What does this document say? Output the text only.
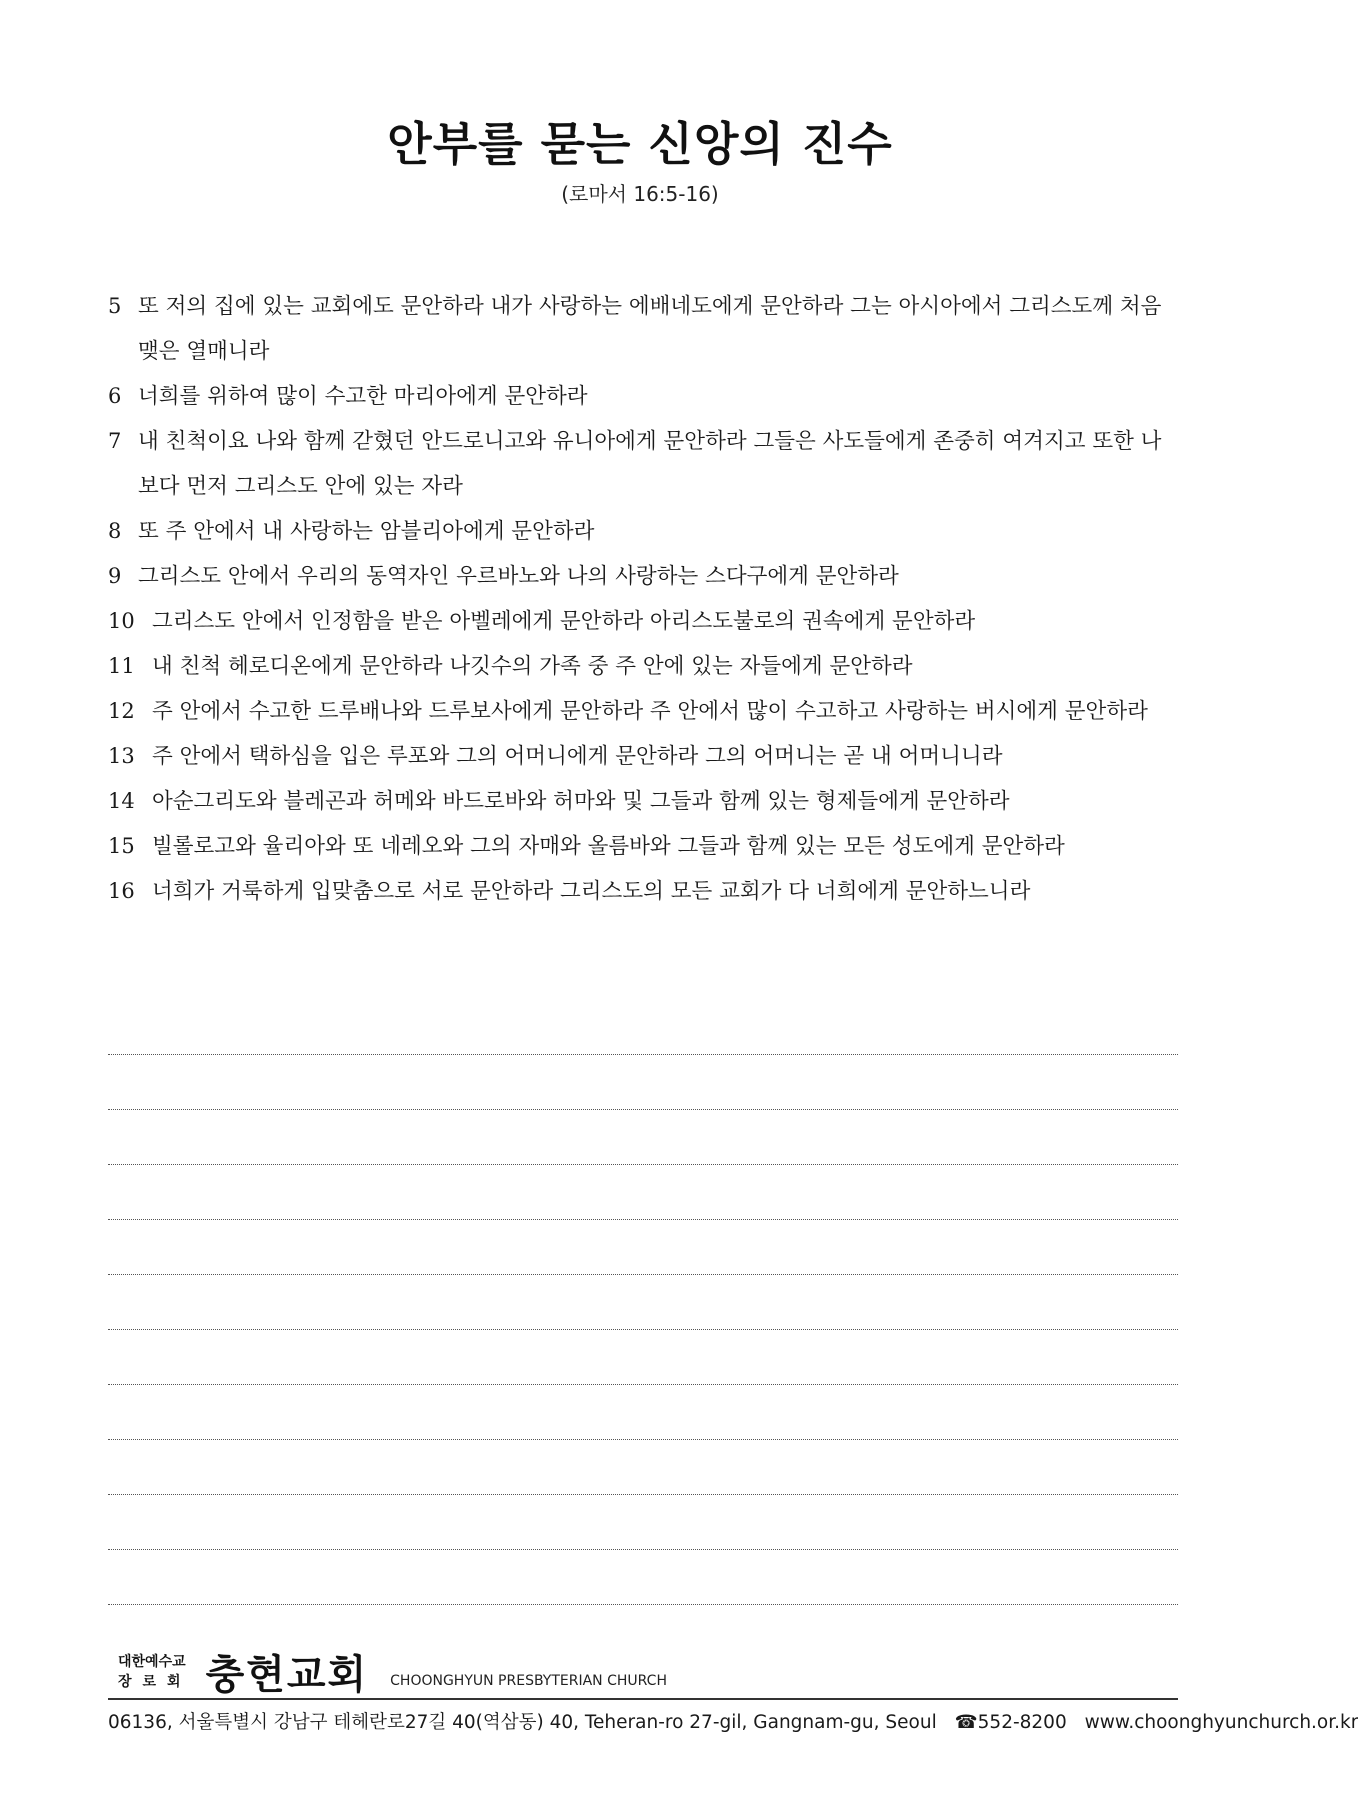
안부를 묻는 신앙의 진수
(로마서 16:5-16)
5 또 저의 집에 있는 교회에도 문안하라 내가 사랑하는 에배네도에게 문안하라 그는 아시아에서 그리스도께 처음 맺은 열매니라
6 너희를 위하여 많이 수고한 마리아에게 문안하라
7 내 친척이요 나와 함께 갇혔던 안드로니고와 유니아에게 문안하라 그들은 사도들에게 존중히 여겨지고 또한 나보다 먼저 그리스도 안에 있는 자라
8 또 주 안에서 내 사랑하는 암블리아에게 문안하라
9 그리스도 안에서 우리의 동역자인 우르바노와 나의 사랑하는 스다구에게 문안하라
10 그리스도 안에서 인정함을 받은 아벨레에게 문안하라 아리스도불로의 권속에게 문안하라
11 내 친척 헤로디온에게 문안하라 나깃수의 가족 중 주 안에 있는 자들에게 문안하라
12 주 안에서 수고한 드루배나와 드루보사에게 문안하라 주 안에서 많이 수고하고 사랑하는 버시에게 문안하라
13 주 안에서 택하심을 입은 루포와 그의 어머니에게 문안하라 그의 어머니는 곧 내 어머니니라
14 아순그리도와 블레곤과 허메와 바드로바와 허마와 및 그들과 함께 있는 형제들에게 문안하라
15 빌롤로고와 율리아와 또 네레오와 그의 자매와 올름바와 그들과 함께 있는 모든 성도에게 문안하라
16 너희가 거룩하게 입맞춤으로 서로 문안하라 그리스도의 모든 교회가 다 너희에게 문안하느니라
대한예수교
장로회 충현교회 CHOONGHYUN PRESBYTERIAN CHURCH
06136, 서울특별시 강남구 테헤란로27길 40(역삼동) 40, Teheran-ro 27-gil, Gangnam-gu, Seoul ☎552-8200 www.choonghyunchurch.or.kr
